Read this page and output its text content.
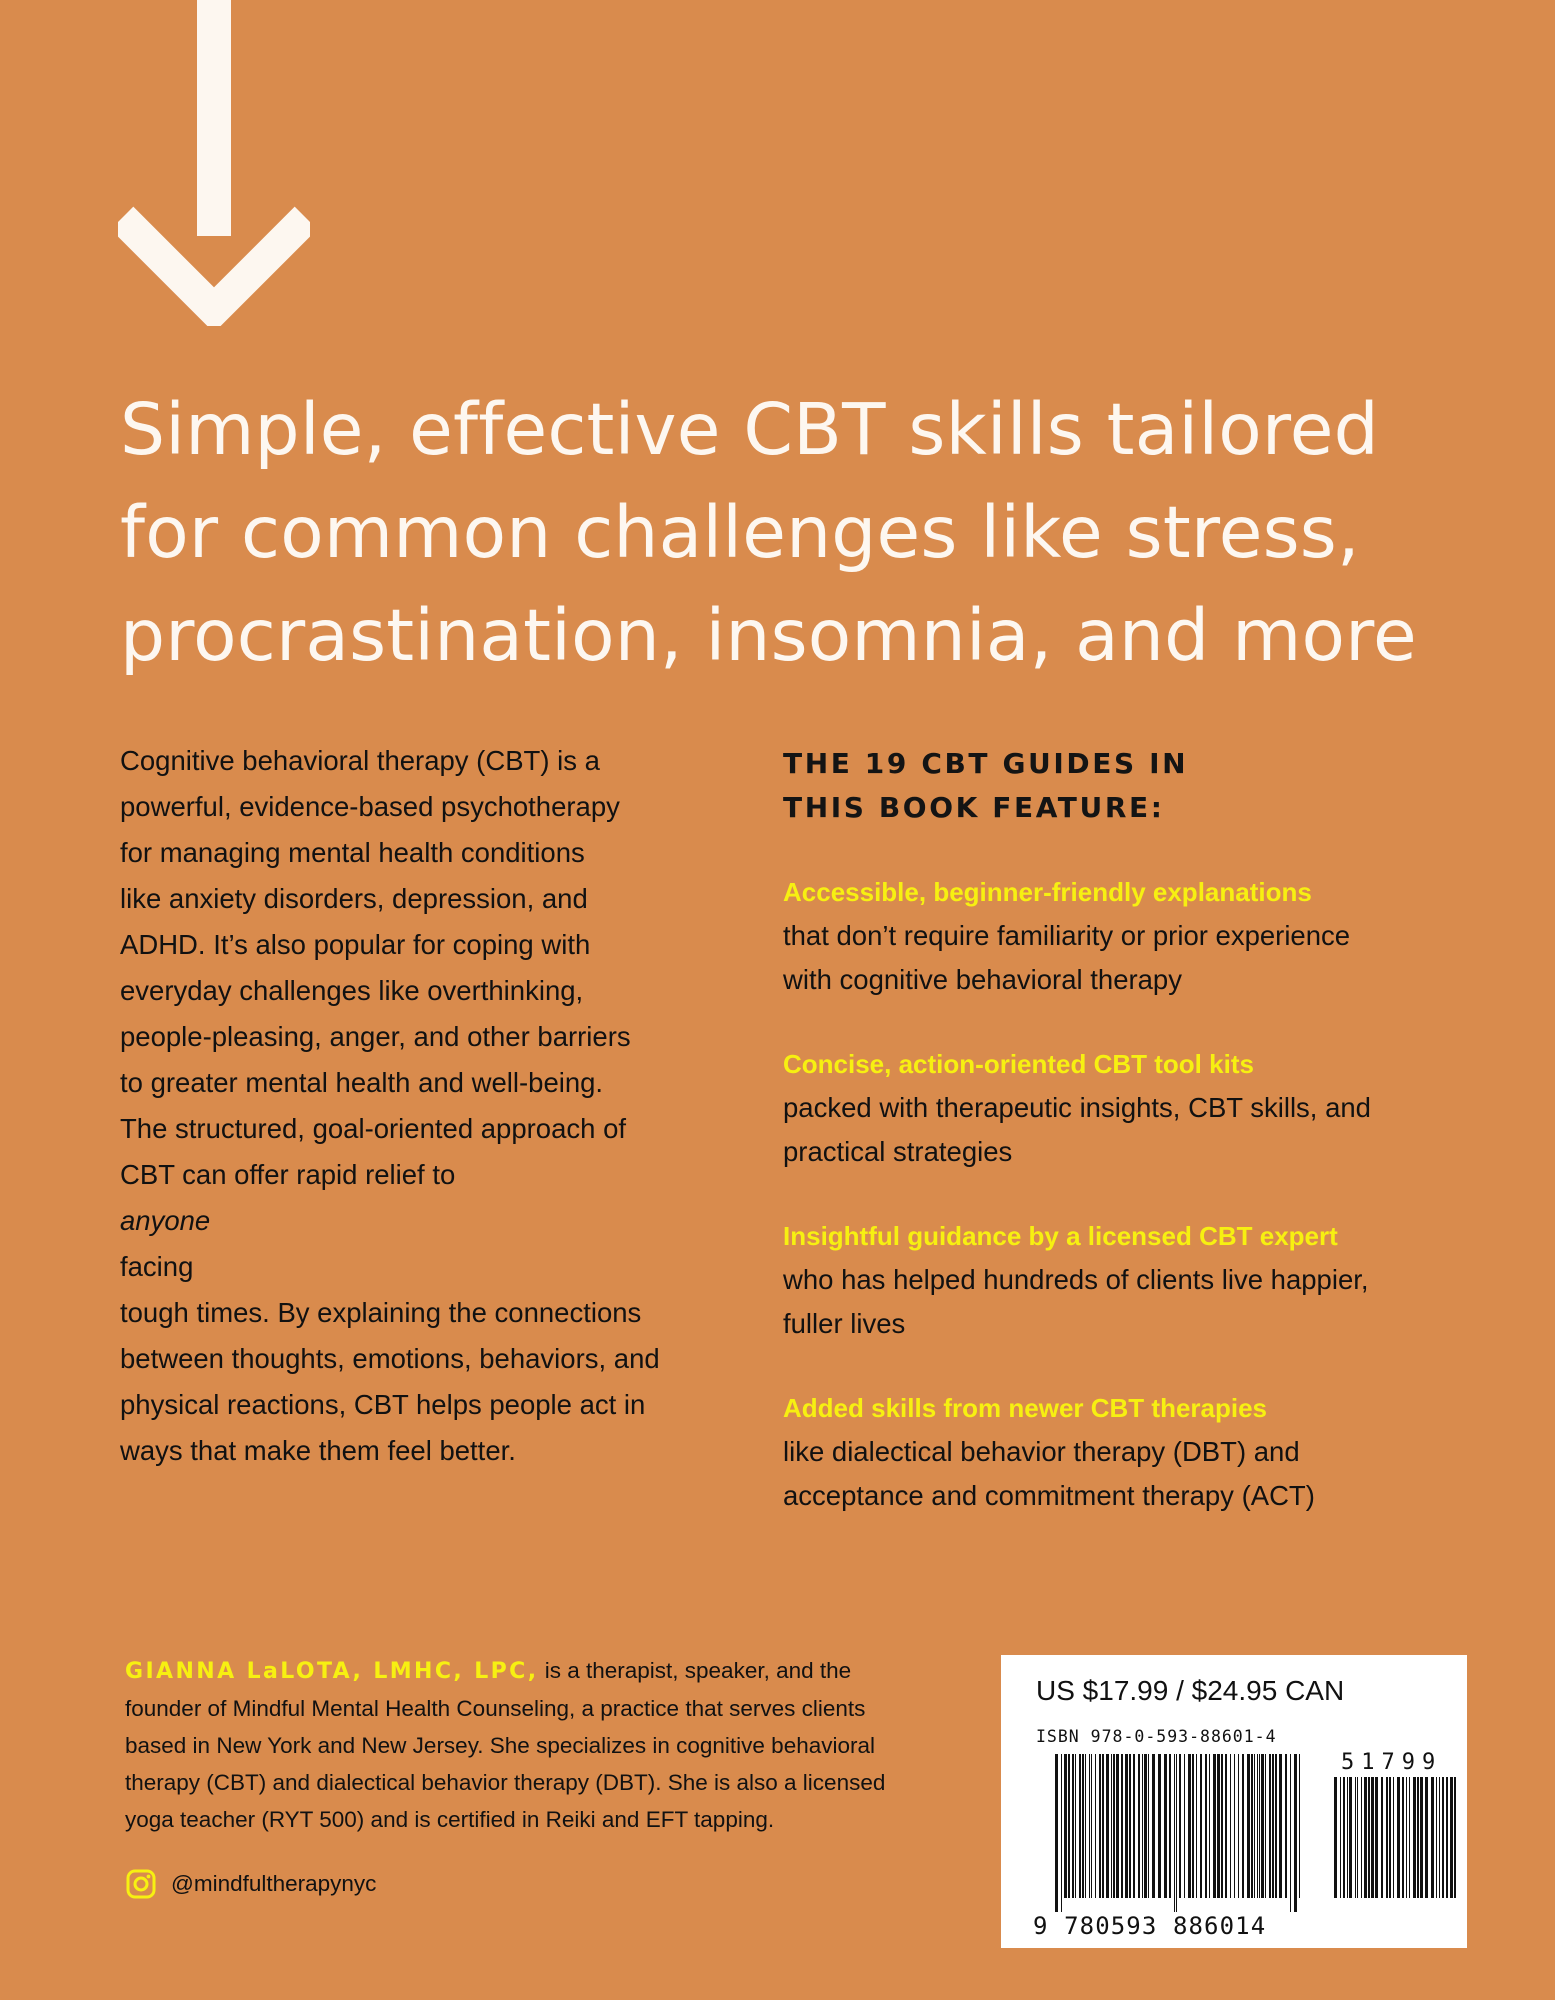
Simple, effective CBT skills tailored
for common challenges like stress,
procrastination, insomnia, and more

Cognitive behavioral therapy (CBT) is a
powerful, evidence-based psychotherapy
for managing mental health conditions
like anxiety disorders, depression, and
ADHD. It’s also popular for coping with
everyday challenges like overthinking,
people-pleasing, anger, and other barriers
to greater mental health and well-being.
The structured, goal-oriented approach of
CBT can offer rapid relief to
anyone
facing
tough times. By explaining the connections
between thoughts, emotions, behaviors, and
physical reactions, CBT helps people act in
ways that make them feel better.

THE 19 CBT GUIDES IN
THIS BOOK FEATURE:
Accessible, beginner-friendly explanations
that don’t require familiarity or prior experience
with cognitive behavioral therapy
Concise, action-oriented CBT tool kits
packed with therapeutic insights, CBT skills, and
practical strategies
Insightful guidance by a licensed CBT expert
who has helped hundreds of clients live happier,
fuller lives
Added skills from newer CBT therapies
like dialectical behavior therapy (DBT) and
acceptance and commitment therapy (ACT)

GIANNA LaLOTA, LMHC, LPC, is a therapist, speaker, and the
founder of Mindful Mental Health Counseling, a practice that serves clients
based in New York and New Jersey. She specializes in cognitive behavioral
therapy (CBT) and dialectical behavior therapy (DBT). She is also a licensed
yoga teacher (RYT 500) and is certified in Reiki and EFT tapping.

@mindfultherapynyc
US $17.99 / $24.95 CAN
ISBN 978-0-593-88601-4
51799
9 780593 886014
